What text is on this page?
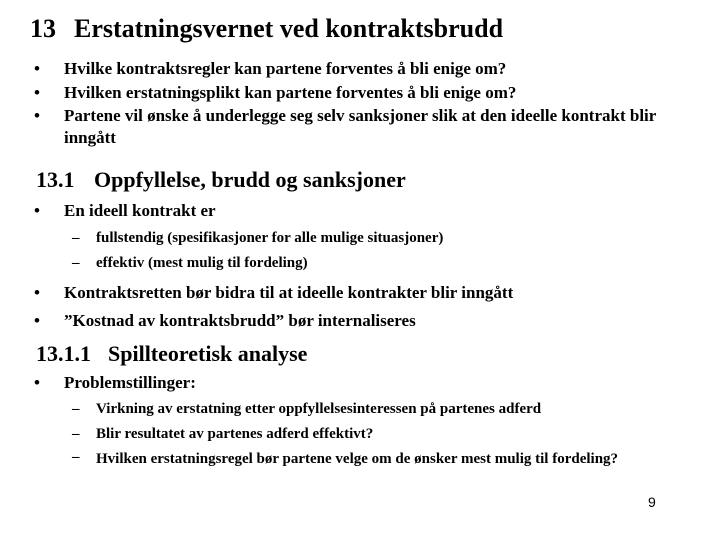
13 Erstatningsvernet ved kontraktsbrudd
• Hvilke kontraktsregler kan partene forventes å bli enige om?
• Hvilken erstatningsplikt kan partene forventes å bli enige om?
• Partene vil ønske å underlegge seg selv sanksjoner slik at den ideelle kontrakt blir inngått
13.1 Oppfyllelse, brudd og sanksjoner
• En ideell kontrakt er
– fullstendig (spesifikasjoner for alle mulige situasjoner)
– effektiv (mest mulig til fordeling)
• Kontraktsretten bør bidra til at ideelle kontrakter blir inngått
• ”Kostnad av kontraktsbrudd” bør internaliseres
13.1.1 Spillteoretisk analyse
• Problemstillinger:
– Virkning av erstatning etter oppfyllelsesinteressen på partenes adferd
– Blir resultatet av partenes adferd effektivt?
– Hvilken erstatningsregel bør partene velge om de ønsker mest mulig til fordeling?
9
